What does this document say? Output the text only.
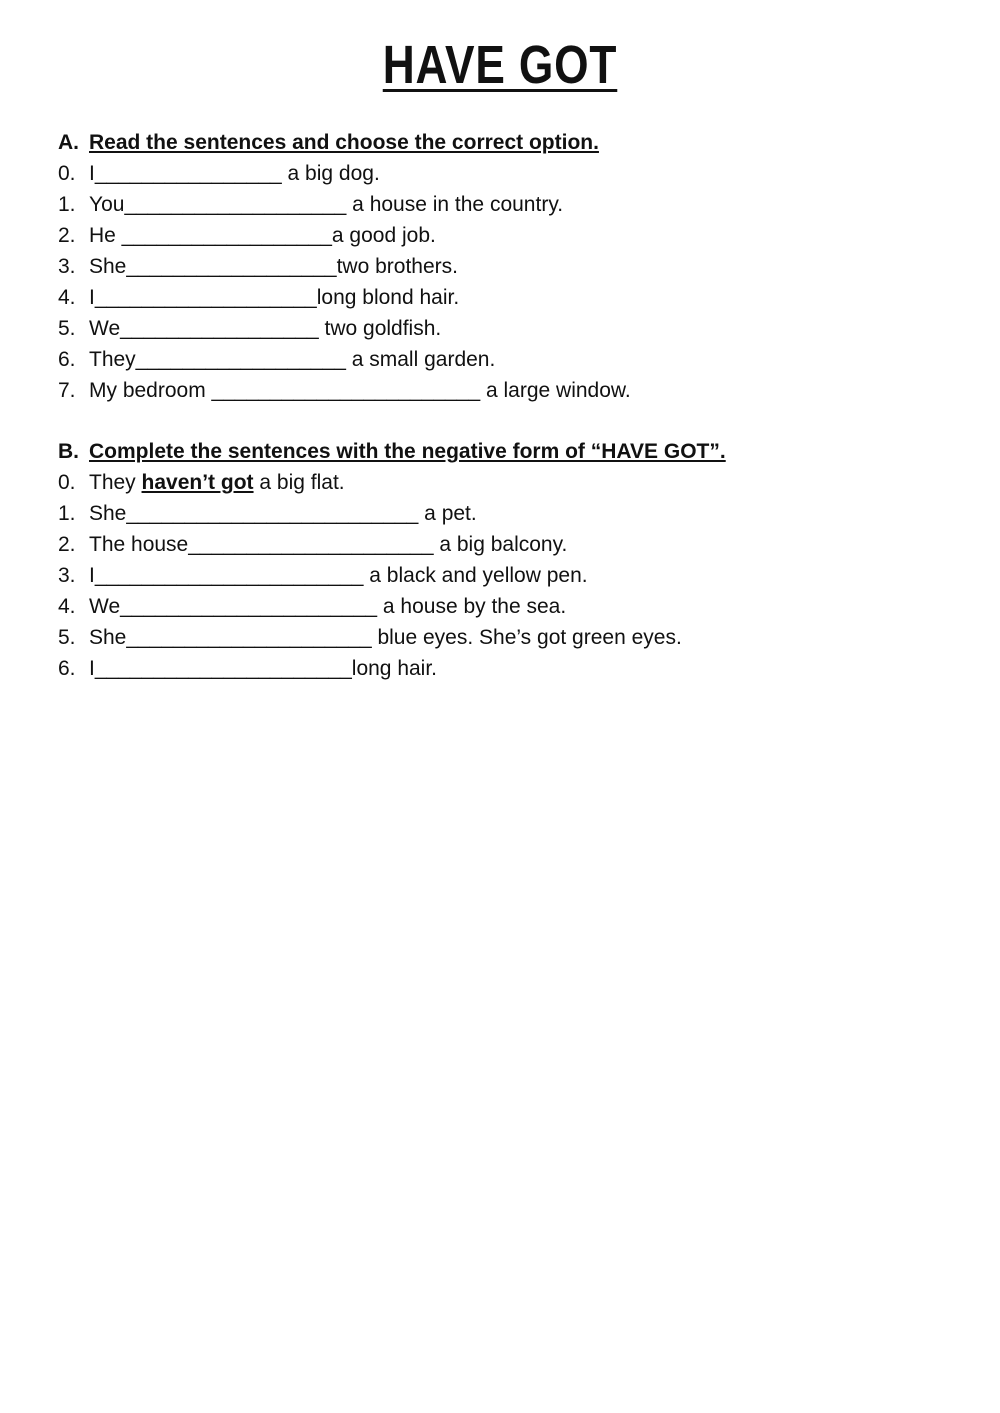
HAVE GOT
A. Read the sentences and choose the correct option.
0. I________________ a big dog.
1. You___________________ a house in the country.
2. He __________________a good job.
3. She__________________two brothers.
4. I___________________long blond hair.
5. We_________________ two goldfish.
6. They__________________ a small garden.
7. My bedroom _______________________ a large window.
B. Complete the sentences with the negative form of “HAVE GOT”.
0. They haven’t got a big flat.
1. She_________________________ a pet.
2. The house_____________________ a big balcony.
3. I_______________________ a black and yellow pen.
4. We______________________ a house by the sea.
5. She_____________________ blue eyes. She’s got green eyes.
6. I______________________long hair.
